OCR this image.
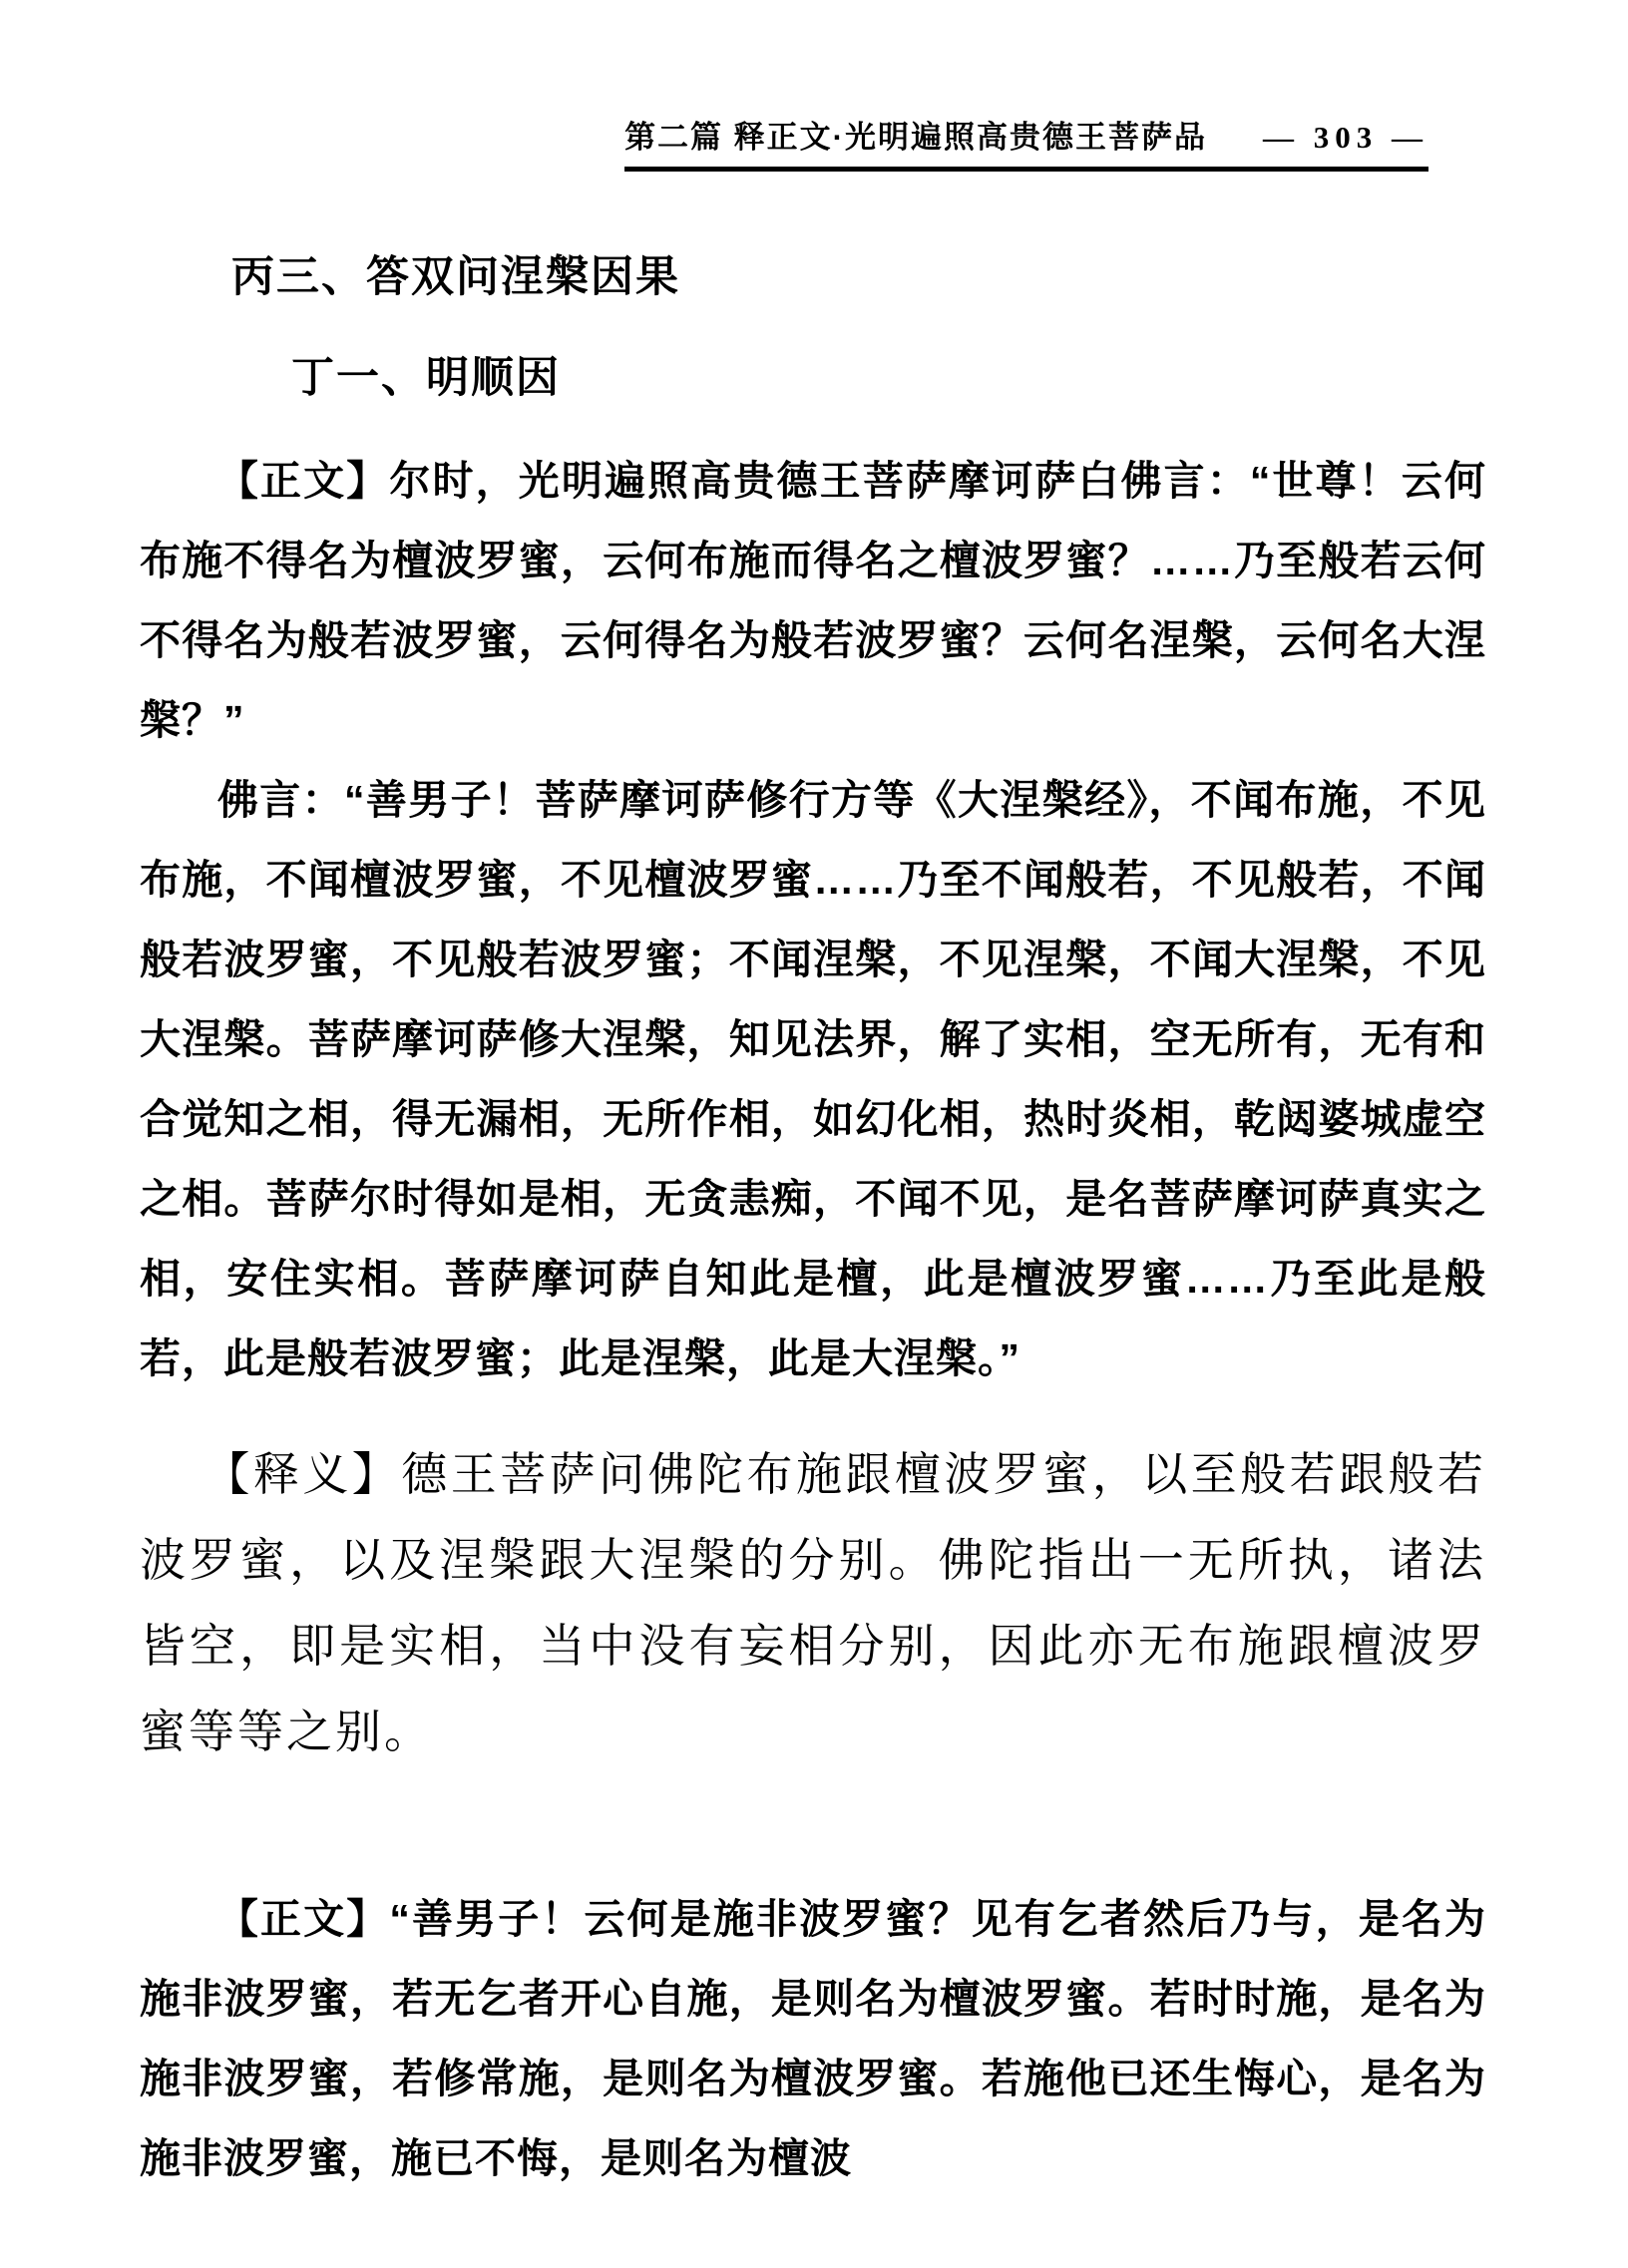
第二篇 释正文·光明遍照高贵德王菩萨品 — 303 —
丙三、答双问涅槃因果
丁一、明顺因

【正文】尔时，光明遍照高贵德王菩萨摩诃萨白佛言：“世尊！云何布施不得名为檀波罗蜜，云何布施而得名之檀波罗蜜？……乃至般若云何不得名为般若波罗蜜，云何得名为般若波罗蜜？云何名涅槃，云何名大涅槃？”

佛言：“善男子！菩萨摩诃萨修行方等《大涅槃经》，不闻布施，不见布施，不闻檀波罗蜜，不见檀波罗蜜……乃至不闻般若，不见般若，不闻般若波罗蜜，不见般若波罗蜜；不闻涅槃，不见涅槃，不闻大涅槃，不见大涅槃。菩萨摩诃萨修大涅槃，知见法界，解了实相，空无所有，无有和合觉知之相，得无漏相，无所作相，如幻化相，热时炎相，乾闼婆城虚空之相。菩萨尔时得如是相，无贪恚痴，不闻不见，是名菩萨摩诃萨真实之相，安住实相。菩萨摩诃萨自知此是檀，此是檀波罗蜜……乃至此是般若，此是般若波罗蜜；此是涅槃，此是大涅槃。”

【释义】德王菩萨问佛陀布施跟檀波罗蜜，以至般若跟般若波罗蜜，以及涅槃跟大涅槃的分别。佛陀指出一无所执，诸法皆空，即是实相，当中没有妄相分别，因此亦无布施跟檀波罗蜜等等之别。

【正文】“善男子！云何是施非波罗蜜？见有乞者然后乃与，是名为施非波罗蜜，若无乞者开心自施，是则名为檀波罗蜜。若时时施，是名为施非波罗蜜，若修常施，是则名为檀波罗蜜。若施他已还生悔心，是名为施非波罗蜜，施已不悔，是则名为檀波
